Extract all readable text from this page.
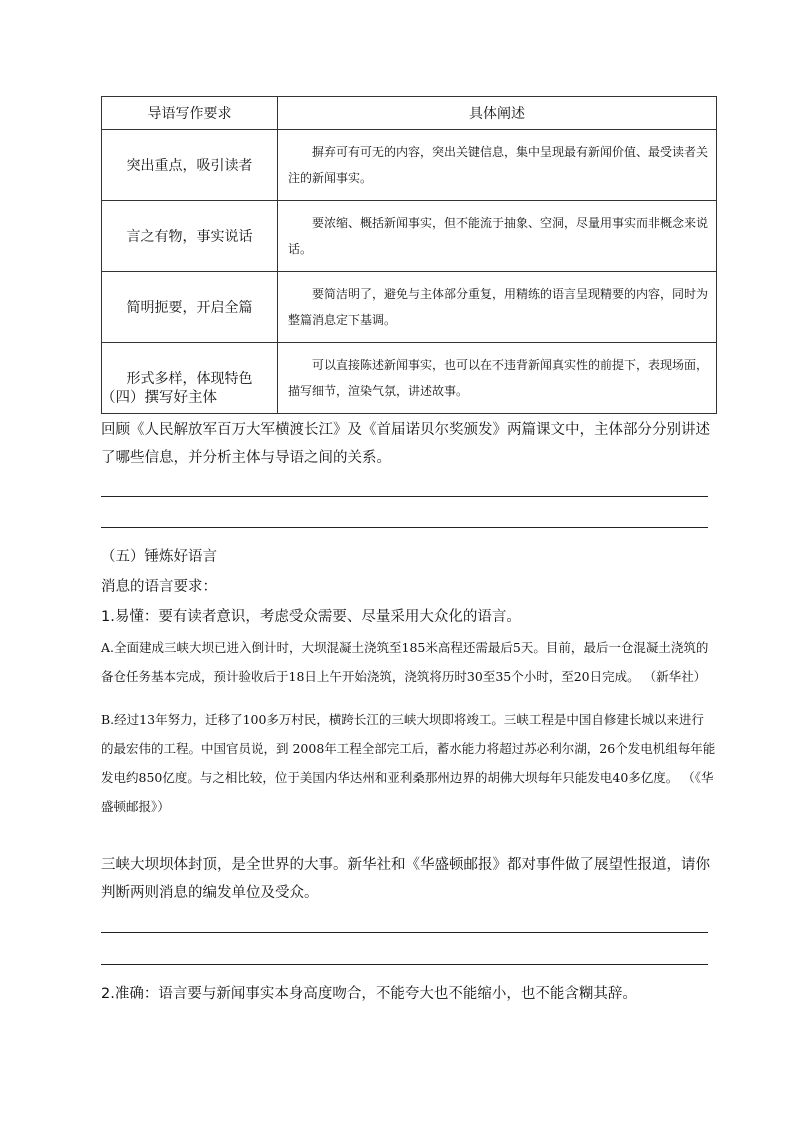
导语写作要求	具体阐述
突出重点，吸引读者	摒弃可有可无的内容，突出关键信息，集中呈现最有新闻价值、最受读者关注的新闻事实。
言之有物，事实说话	要浓缩、概括新闻事实，但不能流于抽象、空洞，尽量用事实而非概念来说话。
简明扼要，开启全篇	要简洁明了，避免与主体部分重复，用精练的语言呈现精要的内容，同时为整篇消息定下基调。
形式多样，体现特色	可以直接陈述新闻事实，也可以在不违背新闻真实性的前提下，表现场面，描写细节，渲染气氛，讲述故事。
（四）撰写好主体
回顾《人民解放军百万大军横渡长江》及《首届诺贝尔奖颁发》两篇课文中，主体部分分别讲述了哪些信息，并分析主体与导语之间的关系。
（五）锤炼好语言
消息的语言要求：
1.易懂：要有读者意识，考虑受众需要、尽量采用大众化的语言。
A.全面建成三峡大坝已进入倒计时，大坝混凝土浇筑至185米高程还需最后5天。目前，最后一仓混凝土浇筑的备仓任务基本完成，预计验收后于18日上午开始浇筑，浇筑将历时30至35个小时，至20日完成。 （新华社）
B.经过13年努力，迁移了100多万村民，横跨长江的三峡大坝即将竣工。三峡工程是中国自修建长城以来进行的最宏伟的工程。中国官员说，到 2008年工程全部完工后，蓄水能力将超过苏必利尔湖，26个发电机组每年能发电约850亿度。与之相比较，位于美国内华达州和亚利桑那州边界的胡佛大坝每年只能发电40多亿度。 （《华盛顿邮报》）
三峡大坝坝体封顶，是全世界的大事。新华社和《华盛顿邮报》都对事件做了展望性报道，请你判断两则消息的编发单位及受众。
2.准确：语言要与新闻事实本身高度吻合，不能夸大也不能缩小，也不能含糊其辞。
